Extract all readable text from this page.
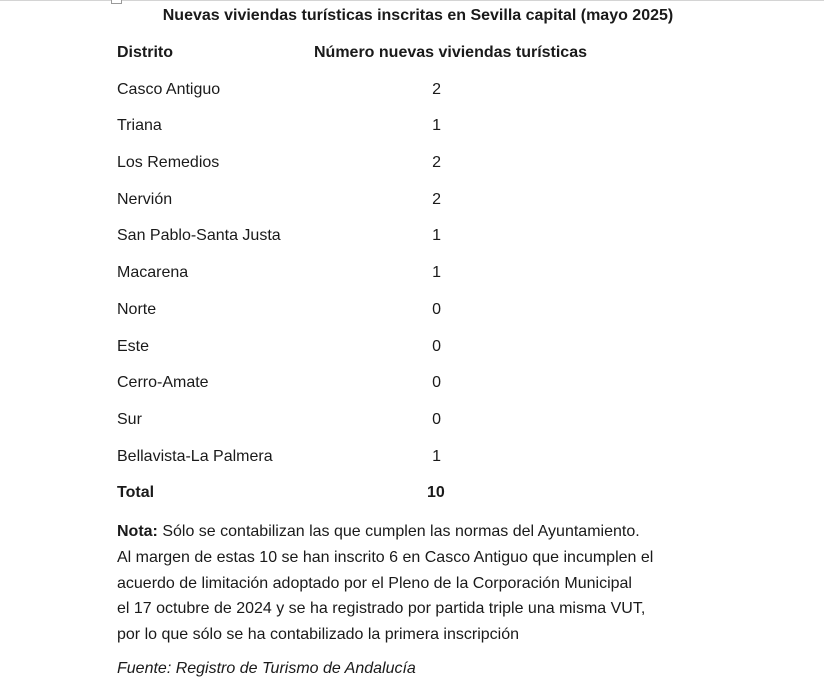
Nuevas viviendas turísticas inscritas en Sevilla capital (mayo 2025)
Distrito	Número nuevas viviendas turísticas
Casco Antiguo	2
Triana	1
Los Remedios	2
Nervión	2
San Pablo-Santa Justa	1
Macarena	1
Norte	0
Este	0
Cerro-Amate	0
Sur	0
Bellavista-La Palmera	1
Total	10
Nota: Sólo se contabilizan las que cumplen las normas del Ayuntamiento.
Al margen de estas 10 se han inscrito 6 en Casco Antiguo que incumplen el
acuerdo de limitación adoptado por el Pleno de la Corporación Municipal
el 17 octubre de 2024 y se ha registrado por partida triple una misma VUT,
por lo que sólo se ha contabilizado la primera inscripción
Fuente: Registro de Turismo de Andalucía
